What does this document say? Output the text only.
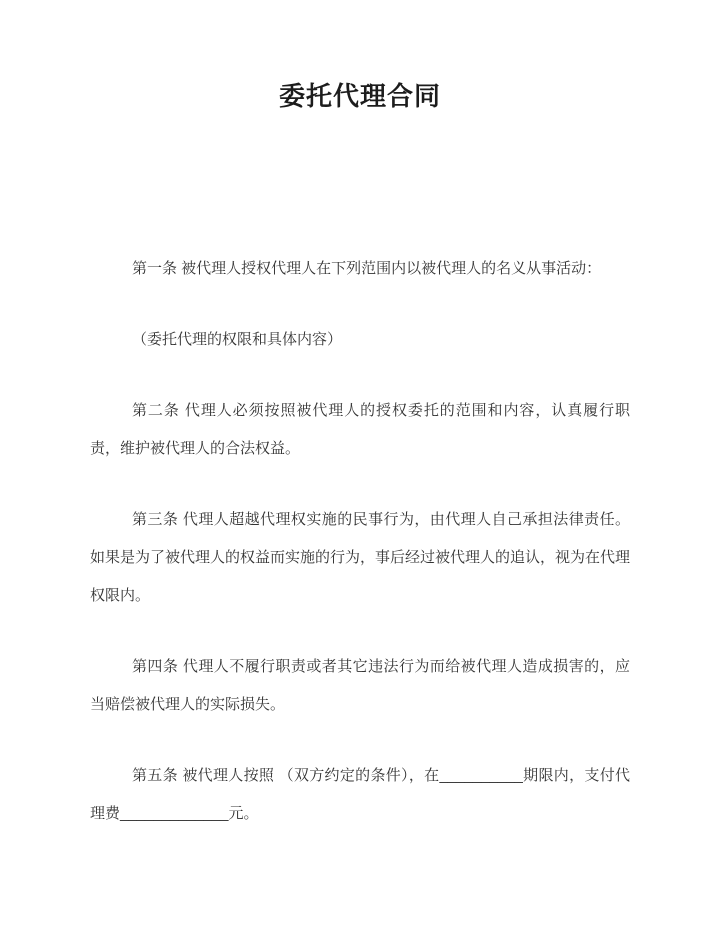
委托代理合同

第一条 被代理人授权代理人在下列范围内以被代理人的名义从事活动：

（委托代理的权限和具体内容）

第二条 代理人必须按照被代理人的授权委托的范围和内容，认真履行职责，维护被代理人的合法权益。

第三条 代理人超越代理权实施的民事行为，由代理人自己承担法律责任。如果是为了被代理人的权益而实施的行为，事后经过被代理人的追认，视为在代理权限内。

第四条 代理人不履行职责或者其它违法行为而给被代理人造成损害的，应当赔偿被代理人的实际损失。

第五条 被代理人按照 （双方约定的条件），在__________期限内，支付代理费_____________元。
